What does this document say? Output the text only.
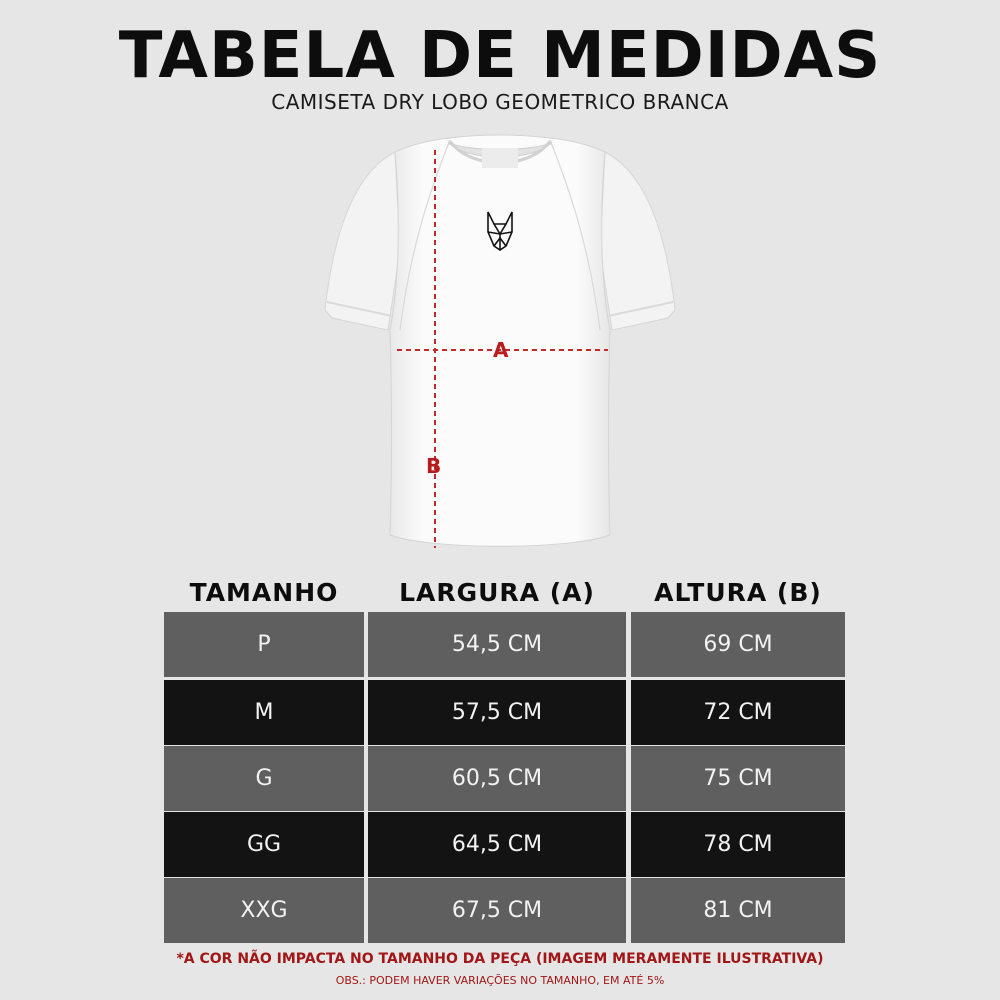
TABELA DE MEDIDAS
CAMISETA DRY LOBO GEOMETRICO BRANCA
A
B
TAMANHO	LARGURA (A)	ALTURA (B)
P	54,5 CM	69 CM
M	57,5 CM	72 CM
G	60,5 CM	75 CM
GG	64,5 CM	78 CM
XXG	67,5 CM	81 CM
*A COR NÃO IMPACTA NO TAMANHO DA PEÇA (IMAGEM MERAMENTE ILUSTRATIVA)
OBS.: PODEM HAVER VARIAÇÕES NO TAMANHO, EM ATÉ 5%
